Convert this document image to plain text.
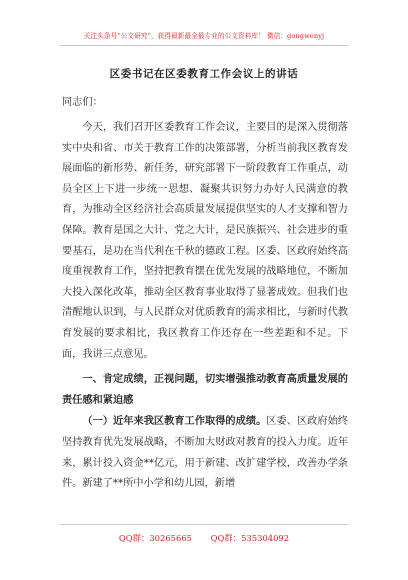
关注头条号“公文研究”，获得最新最全最专业的公文资料库！ 微信：gongwenyj
区委书记在区委教育工作会议上的讲话

同志们：

今天，我们召开区委教育工作会议，主要目的是深入贯彻落实中央和省、市关于教育工作的决策部署，分析当前我区教育发展面临的新形势、新任务，研究部署下一阶段教育工作重点，动员全区上下进一步统一思想、凝聚共识努力办好人民满意的教育，为推动全区经济社会高质量发展提供坚实的人才支撑和智力保障。教育是国之大计、党之大计，是民族振兴、社会进步的重要基石，是功在当代利在千秋的德政工程。区委、区政府始终高度重视教育工作，坚持把教育摆在优先发展的战略地位，不断加大投入深化改革，推动全区教育事业取得了显著成效。但我们也清醒地认识到，与人民群众对优质教育的需求相比，与新时代教育发展的要求相比，我区教育工作还存在一些差距和不足。下面，我讲三点意见。

一、肯定成绩，正视问题，切实增强推动教育高质量发展的责任感和紧迫感

（一）近年来我区教育工作取得的成绩。区委、区政府始终坚持教育优先发展战略，不断加大财政对教育的投入力度。近年来，累计投入资金**亿元，用于新建、改扩建学校，改善办学条件。新建了**所中小学和幼儿园，新增

QQ群：30265665 QQ群：535304092
